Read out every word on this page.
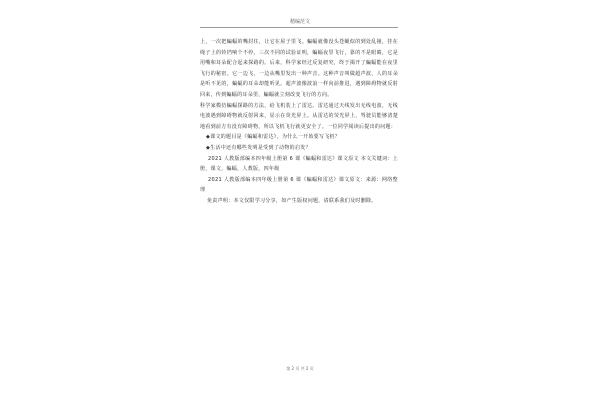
精编范文

上，一次把蝙蝠的嘴封住，让它在屋子里飞。蝙蝠就像没头苍蝇似的到处乱撞，挂在绳子上的铃铛响个不停。三次不同的试验证明，蝙蝠夜里飞行，靠的不是眼睛，它是用嘴和耳朵配合起来探路的。后来，科学家经过反复研究，终于揭开了蝙蝠能在夜里飞行的秘密。它一边飞，一边从嘴里发出一种声音。这种声音叫做超声波，人的耳朵是听不见的，蝙蝠的耳朵却能听见。超声波像波浪一样向前推进，遇到障碍物就反射回来，传到蝙蝠的耳朵里，蝙蝠就立刻改变飞行的方向。

科学家模仿蝙蝠探路的方法，给飞机装上了雷达。雷达通过天线发出无线电波，无线电波遇到障碍物就反射回来，显示在荧光屏上。从雷达的荧光屏上，驾驶员能够清楚地看到前方有没有障碍物，所以飞机飞行就更安全了。一位同学阅读后提出的问题：

◆课文的题目是《蝙蝠和雷达》，为什么一开始要写飞机？

◆生活中还有哪些发明是受到了动物的启发？

2021 人教版部编本四年级上册第 6 课《蝙蝠和雷达》课文原文 本文关键词：上册，课文，蝙蝠，人教版，四年级

2021 人教版部编本四年级上册第 6 课《蝙蝠和雷达》课文原文：来源：网络整理

免责声明：本文仅限学习分享，如产生版权问题，请联系我们及时删除。

第 2 页 共 2 页
